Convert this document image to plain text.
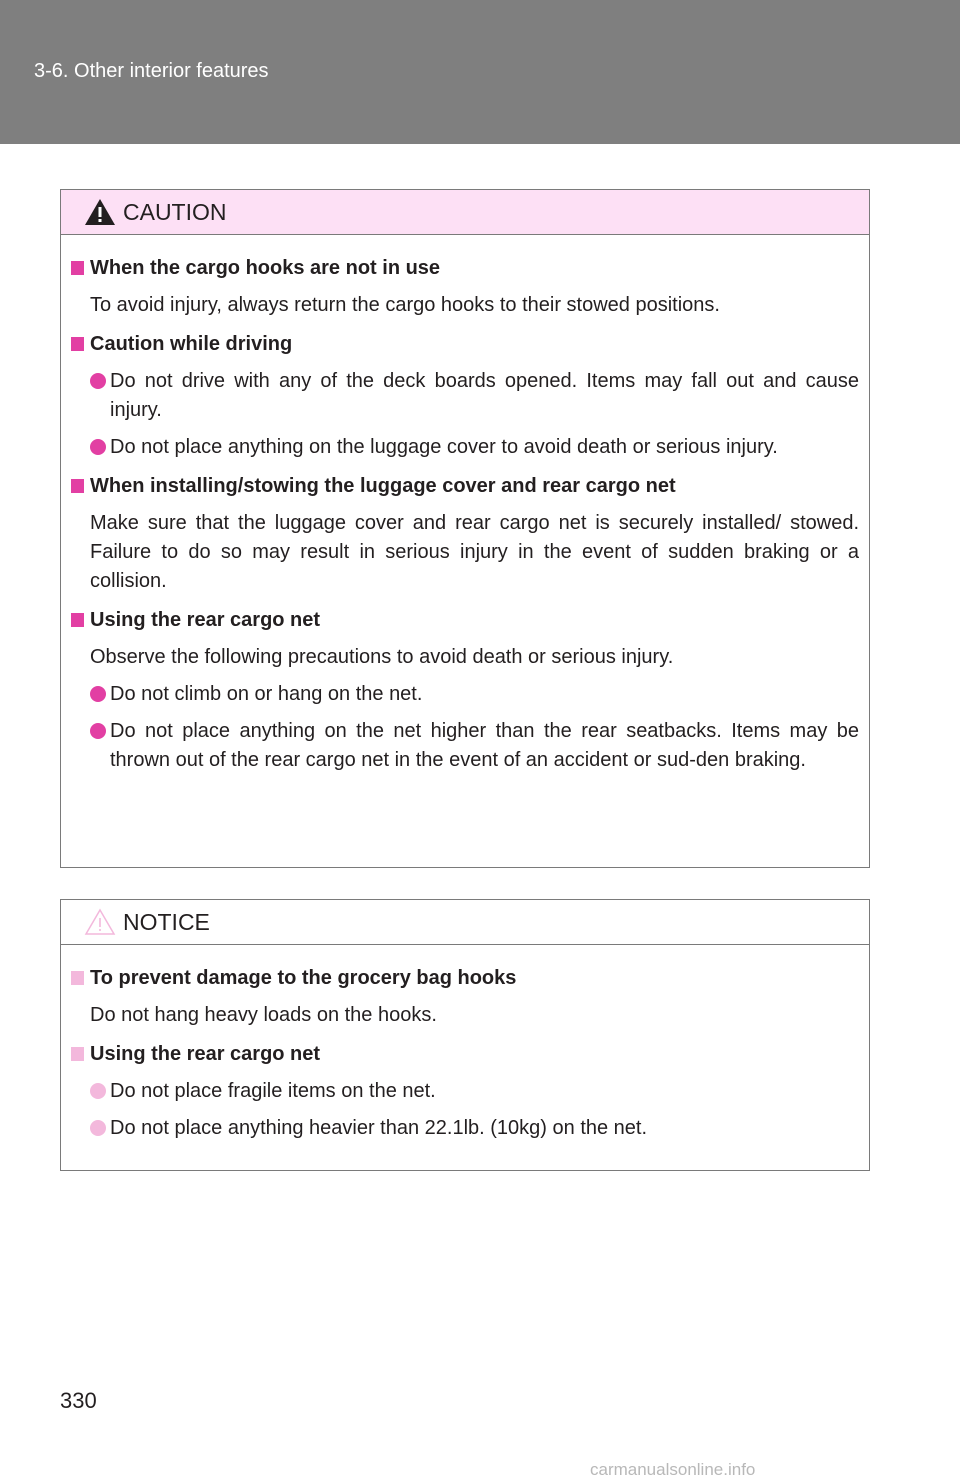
3-6. Other interior features
CAUTION
When the cargo hooks are not in use
To avoid injury, always return the cargo hooks to their stowed positions.
Caution while driving
Do not drive with any of the deck boards opened. Items may fall out and cause injury.
Do not place anything on the luggage cover to avoid death or serious injury.
When installing/stowing the luggage cover and rear cargo net
Make sure that the luggage cover and rear cargo net is securely installed/ stowed. Failure to do so may result in serious injury in the event of sudden braking or a collision.
Using the rear cargo net
Observe the following precautions to avoid death or serious injury.
Do not climb on or hang on the net.
Do not place anything on the net higher than the rear seatbacks. Items may be thrown out of the rear cargo net in the event of an accident or sud-den braking.
NOTICE
To prevent damage to the grocery bag hooks
Do not hang heavy loads on the hooks.
Using the rear cargo net
Do not place fragile items on the net.
Do not place anything heavier than 22.1lb. (10kg) on the net.
330
carmanualsonline.info
